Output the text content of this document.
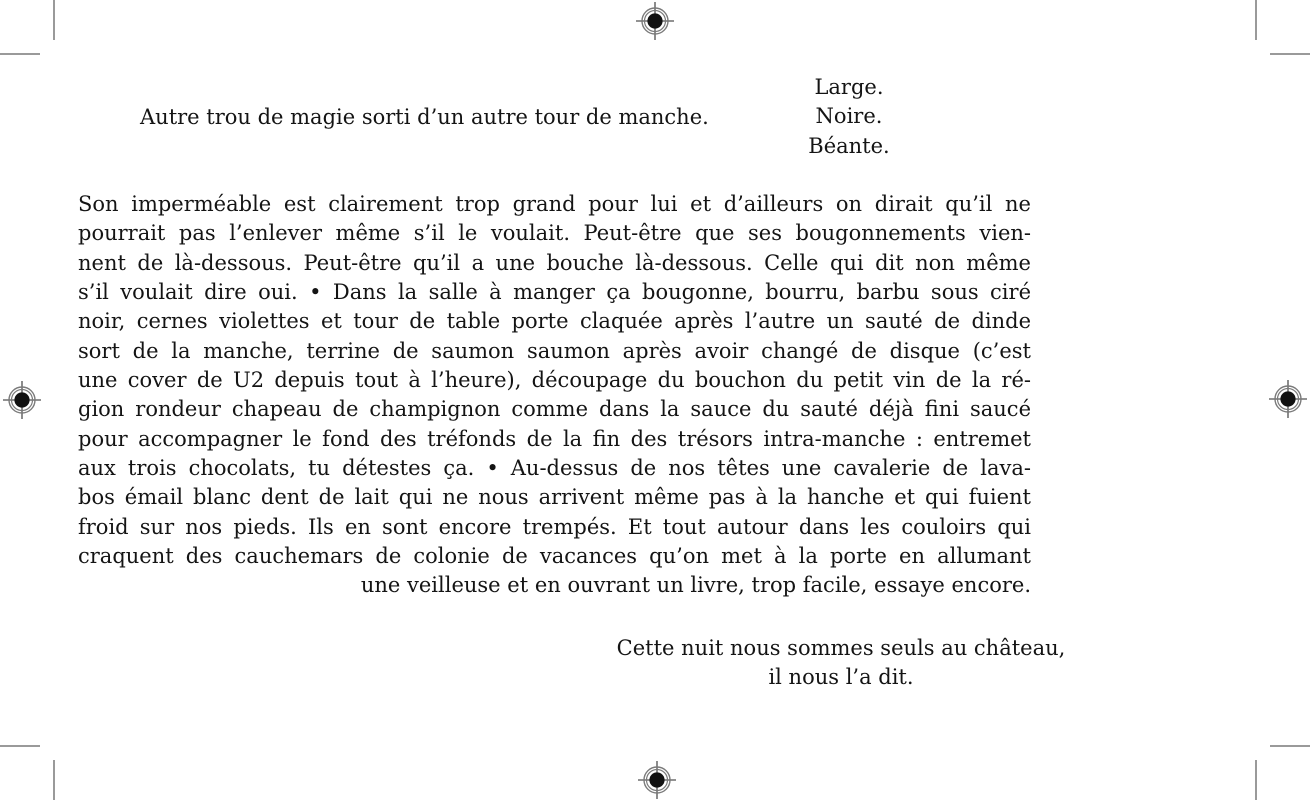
Autre trou de magie sorti d’un autre tour de manche.
Large.
Noire.
Béante.
Son imperméable est clairement trop grand pour lui et d’ailleurs on dirait qu’il ne
pourrait pas l’enlever même s’il le voulait. Peut-être que ses bougonnements vien-
nent de là-dessous. Peut-être qu’il a une bouche là-dessous. Celle qui dit non même
s’il voulait dire oui. • Dans la salle à manger ça bougonne, bourru, barbu sous ciré
noir, cernes violettes et tour de table porte claquée après l’autre un sauté de dinde
sort de la manche, terrine de saumon saumon après avoir changé de disque (c’est
une cover de U2 depuis tout à l’heure), découpage du bouchon du petit vin de la ré-
gion rondeur chapeau de champignon comme dans la sauce du sauté déjà fini saucé
pour accompagner le fond des tréfonds de la fin des trésors intra-manche : entremet
aux trois chocolats, tu détestes ça. • Au-dessus de nos têtes une cavalerie de lava-
bos émail blanc dent de lait qui ne nous arrivent même pas à la hanche et qui fuient
froid sur nos pieds. Ils en sont encore trempés. Et tout autour dans les couloirs qui
craquent des cauchemars de colonie de vacances qu’on met à la porte en allumant
une veilleuse et en ouvrant un livre, trop facile, essaye encore.
Cette nuit nous sommes seuls au château,
il nous l’a dit.
